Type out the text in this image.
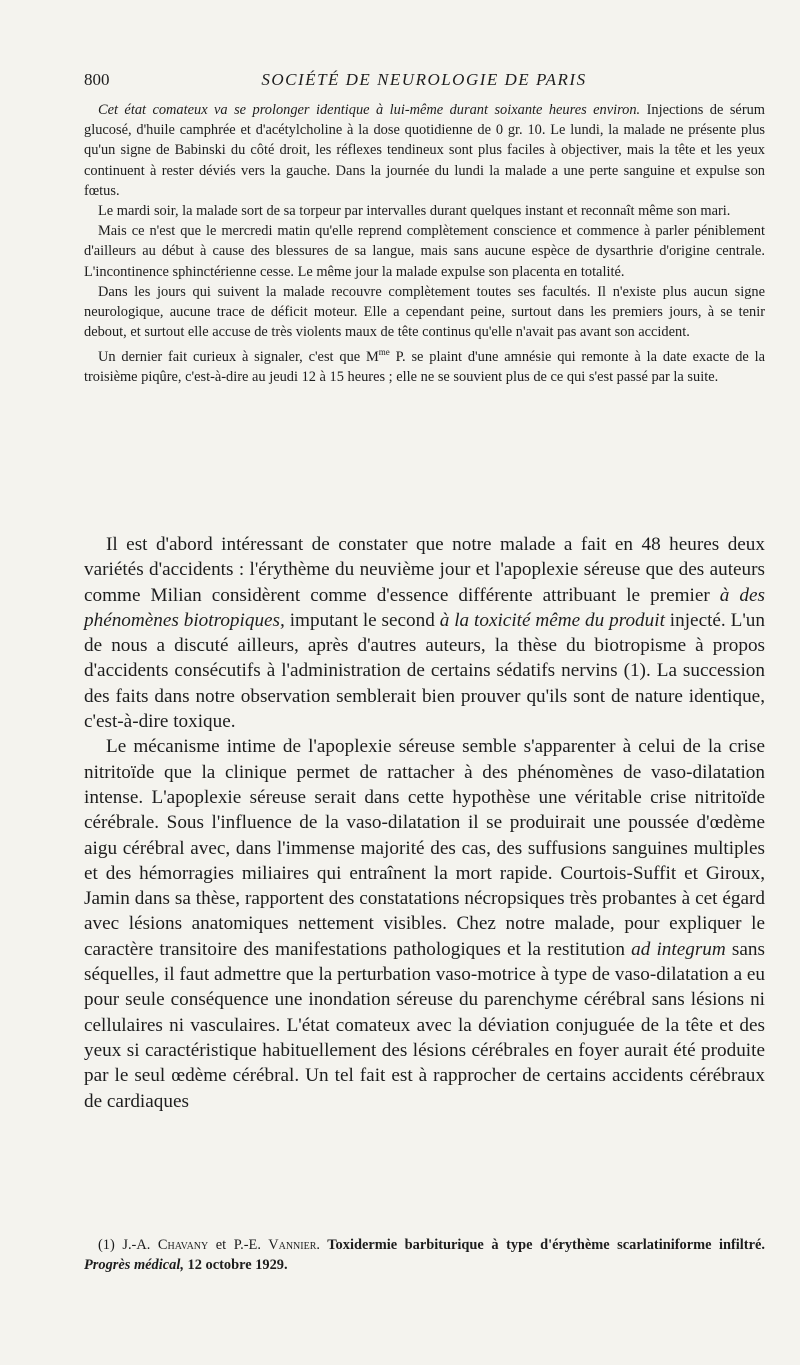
800	SOCIÉTÉ DE NEUROLOGIE DE PARIS

Cet état comateux va se prolonger identique à lui-même durant soixante heures environ. Injections de sérum glucosé, d'huile camphrée et d'acétylcholine à la dose quotidienne de 0 gr. 10. Le lundi, la malade ne présente plus qu'un signe de Babinski du côté droit, les réflexes tendineux sont plus faciles à objectiver, mais la tête et les yeux continuent à rester déviés vers la gauche. Dans la journée du lundi la malade a une perte sanguine et expulse son fœtus.

Le mardi soir, la malade sort de sa torpeur par intervalles durant quelques instant et reconnaît même son mari.

Mais ce n'est que le mercredi matin qu'elle reprend complètement conscience et commence à parler péniblement d'ailleurs au début à cause des blessures de sa langue, mais sans aucune espèce de dysarthrie d'origine centrale. L'incontinence sphinctérienne cesse. Le même jour la malade expulse son placenta en totalité.

Dans les jours qui suivent la malade recouvre complètement toutes ses facultés. Il n'existe plus aucun signe neurologique, aucune trace de déficit moteur. Elle a cependant peine, surtout dans les premiers jours, à se tenir debout, et surtout elle accuse de très violents maux de tête continus qu'elle n'avait pas avant son accident.

Un dernier fait curieux à signaler, c'est que $M^{me}$ P. se plaint d'une amnésie qui remonte à la date exacte de la troisième piqûre, c'est-à-dire au jeudi 12 à 15 heures ; elle ne se souvient plus de ce qui s'est passé par la suite.

Il est d'abord intéressant de constater que notre malade a fait en 48 heures deux variétés d'accidents : l'érythème du neuvième jour et l'apoplexie séreuse que des auteurs comme Milian considèrent comme d'essence différente attribuant le premier à des phénomènes biotropiques, imputant le second à la toxicité même du produit injecté. L'un de nous a discuté ailleurs, après d'autres auteurs, la thèse du biotropisme à propos d'accidents consécutifs à l'administration de certains sédatifs nervins (1). La succession des faits dans notre observation semblerait bien prouver qu'ils sont de nature identique, c'est-à-dire toxique.

Le mécanisme intime de l'apoplexie séreuse semble s'apparenter à celui de la crise nitritoïde que la clinique permet de rattacher à des phénomènes de vaso-dilatation intense. L'apoplexie séreuse serait dans cette hypothèse une véritable crise nitritoïde cérébrale. Sous l'influence de la vaso-dilatation il se produirait une poussée d'œdème aigu cérébral avec, dans l'immense majorité des cas, des suffusions sanguines multiples et des hémorragies miliaires qui entraînent la mort rapide. Courtois-Suffit et Giroux, Jamin dans sa thèse, rapportent des constatations nécropsiques très probantes à cet égard avec lésions anatomiques nettement visibles. Chez notre malade, pour expliquer le caractère transitoire des manifestations pathologiques et la restitution ad integrum sans séquelles, il faut admettre que la perturbation vaso-motrice à type de vaso-dilatation a eu pour seule conséquence une inondation séreuse du parenchyme cérébral sans lésions ni cellulaires ni vasculaires. L'état comateux avec la déviation conjuguée de la tête et des yeux si caractéristique habituellement des lésions cérébrales en foyer aurait été produite par le seul œdème cérébral. Un tel fait est à rapprocher de certains accidents cérébraux de cardiaques

(1) J.-A. Chavany et P.-E. Vannier. Toxidermie barbiturique à type d'érythème scarlatiniforme infiltré. Progrès médical, 12 octobre 1929.
